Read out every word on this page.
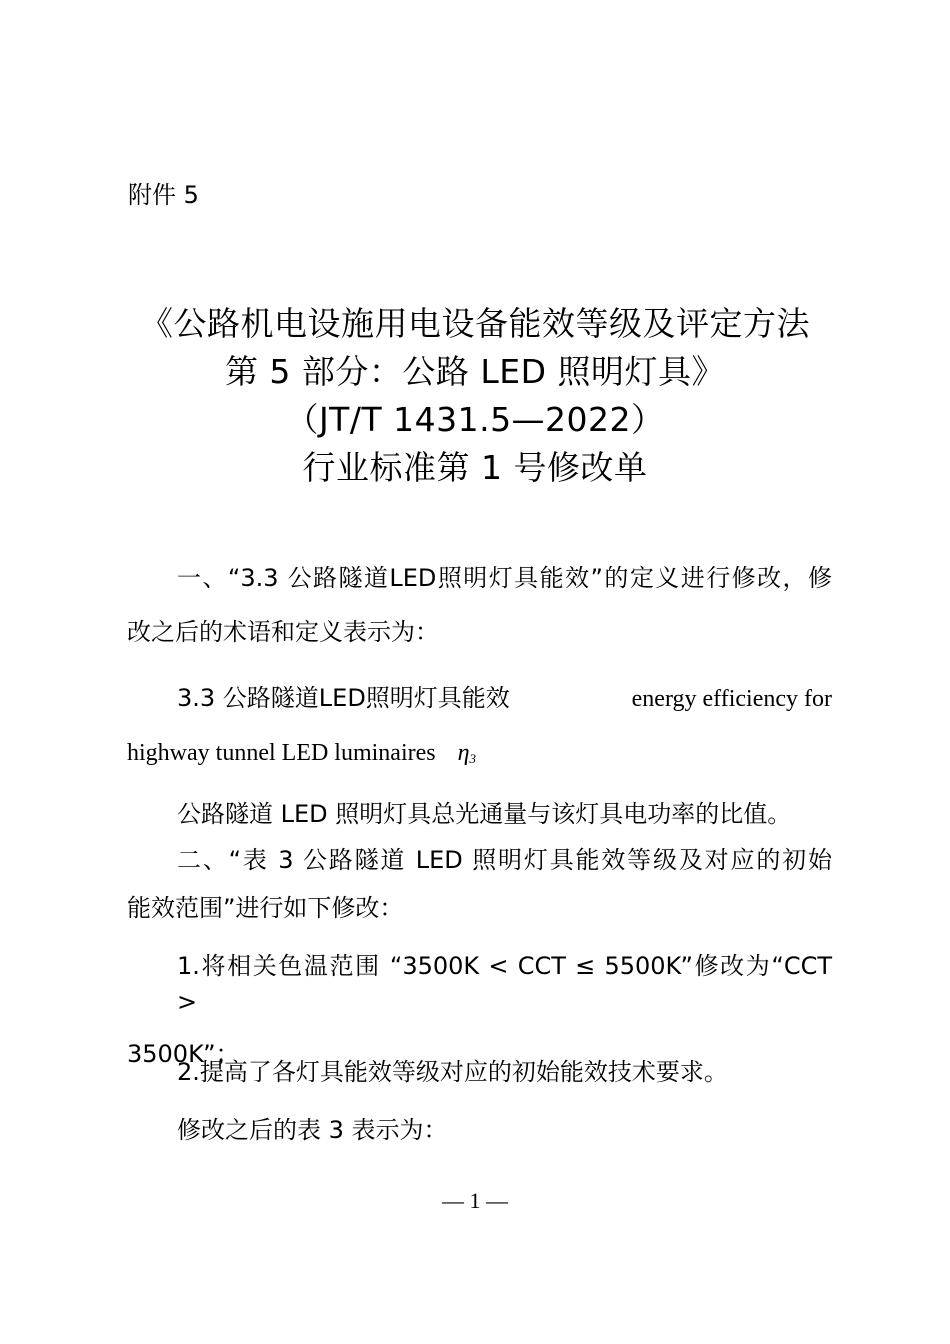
附件 5
《公路机电设施用电设备能效等级及评定方法
第 5 部分：公路 LED 照明灯具》
（JT/T 1431.5—2022）
行业标准第 1 号修改单
一、“3.3 公路隧道LED照明灯具能效”的定义进行修改，修
改之后的术语和定义表示为：
3.3 公路隧道LED照明灯具能效	energy efficiency for
highway tunnel LED luminaires $\eta_3$
公路隧道 LED 照明灯具总光通量与该灯具电功率的比值。
二、“表 3 公路隧道 LED 照明灯具能效等级及对应的初始
能效范围”进行如下修改：
1.将相关色温范围 “3500K < CCT ≤ 5500K”修改为“CCT >
3500K”；
2.提高了各灯具能效等级对应的初始能效技术要求。
修改之后的表 3 表示为：
— 1 —
